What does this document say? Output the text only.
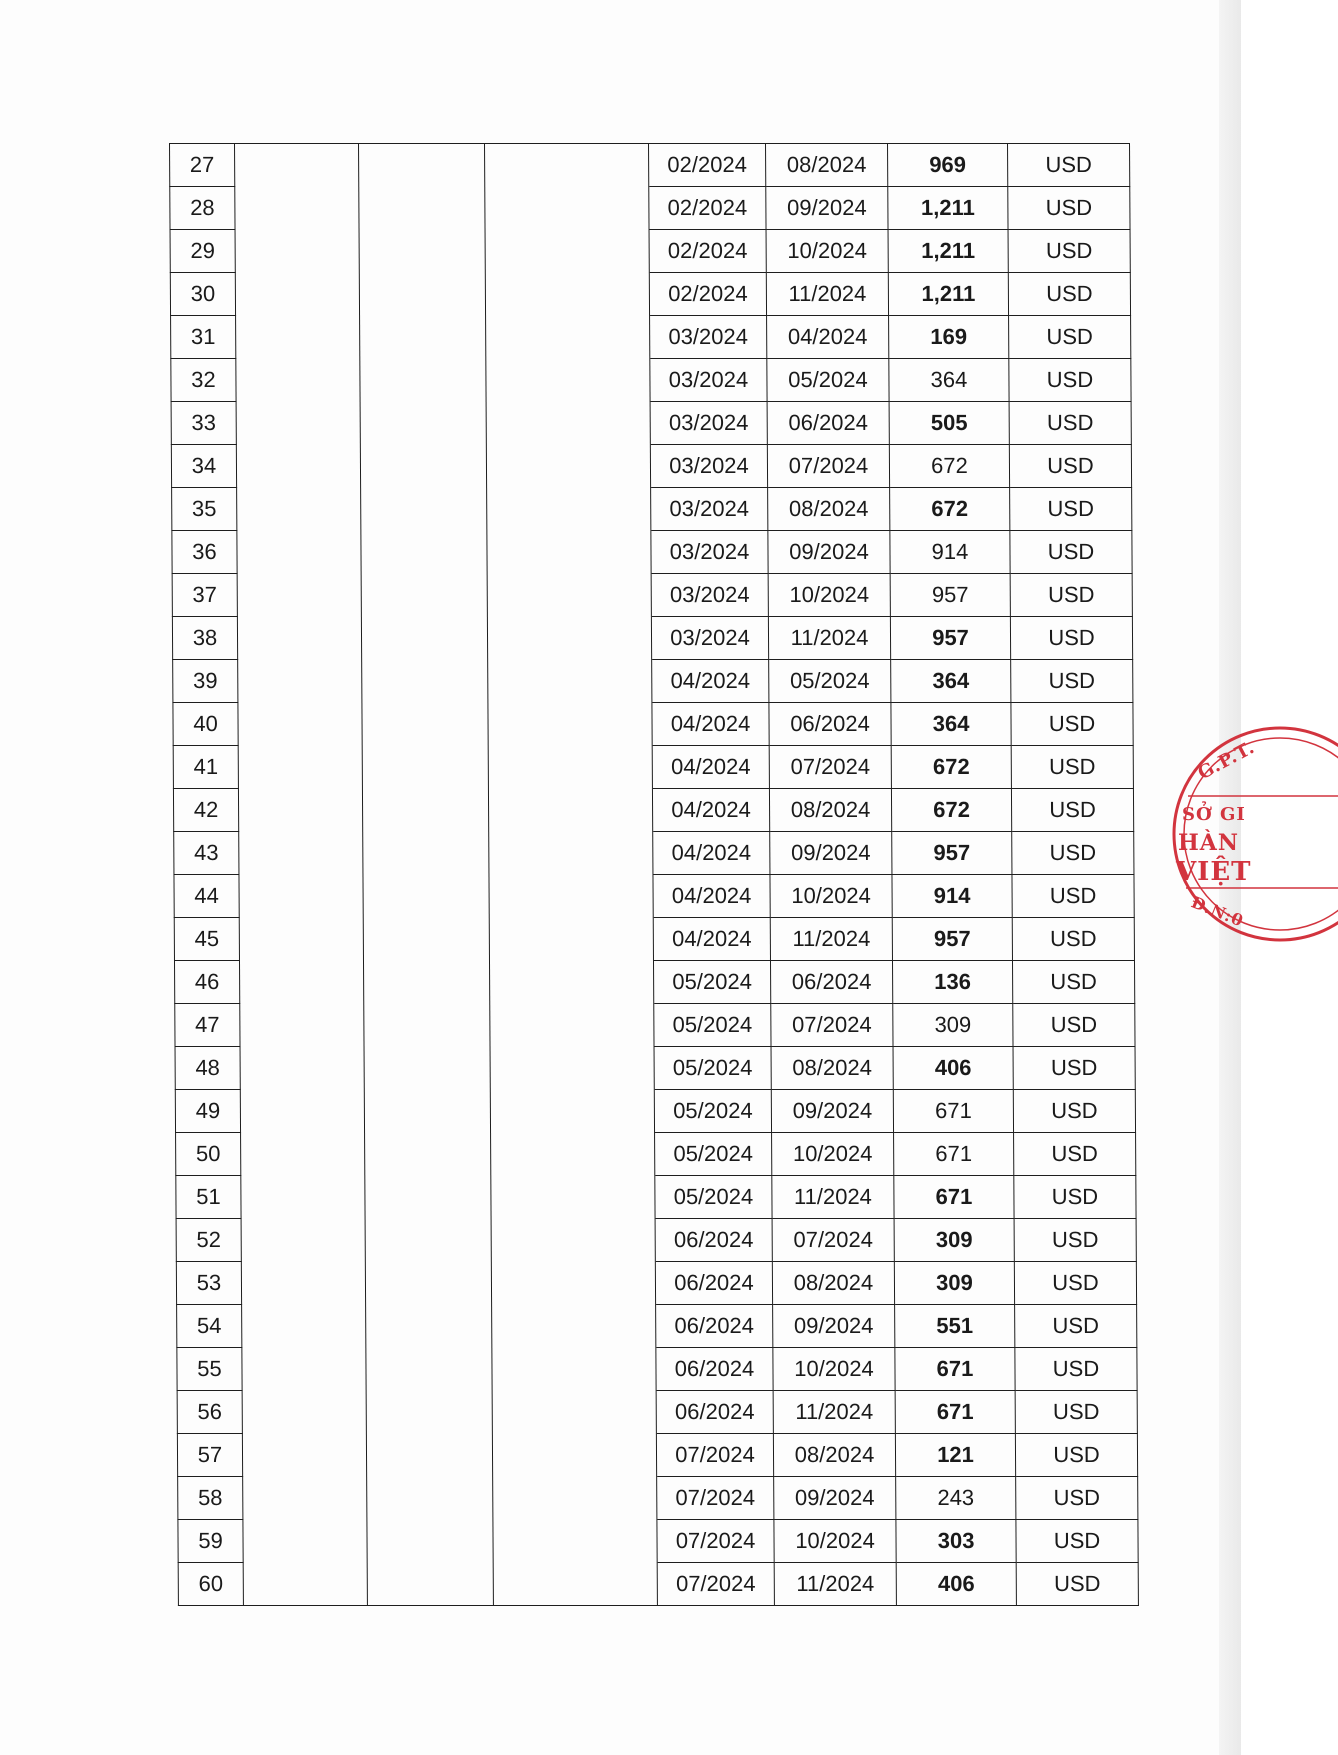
27				02/2024	08/2024	969	USD
28				02/2024	09/2024	1,211	USD
29				02/2024	10/2024	1,211	USD
30				02/2024	11/2024	1,211	USD
31				03/2024	04/2024	169	USD
32				03/2024	05/2024	364	USD
33				03/2024	06/2024	505	USD
34				03/2024	07/2024	672	USD
35				03/2024	08/2024	672	USD
36				03/2024	09/2024	914	USD
37				03/2024	10/2024	957	USD
38				03/2024	11/2024	957	USD
39				04/2024	05/2024	364	USD
40				04/2024	06/2024	364	USD
41				04/2024	07/2024	672	USD
42				04/2024	08/2024	672	USD
43				04/2024	09/2024	957	USD
44				04/2024	10/2024	914	USD
45				04/2024	11/2024	957	USD
46				05/2024	06/2024	136	USD
47				05/2024	07/2024	309	USD
48				05/2024	08/2024	406	USD
49				05/2024	09/2024	671	USD
50				05/2024	10/2024	671	USD
51				05/2024	11/2024	671	USD
52				06/2024	07/2024	309	USD
53				06/2024	08/2024	309	USD
54				06/2024	09/2024	551	USD
55				06/2024	10/2024	671	USD
56				06/2024	11/2024	671	USD
57				07/2024	08/2024	121	USD
58				07/2024	09/2024	243	USD
59				07/2024	10/2024	303	USD
60				07/2024	11/2024	406	USD
G.P.T.
SỞ GI
HÀN
VIỆT
Đ.N:0
